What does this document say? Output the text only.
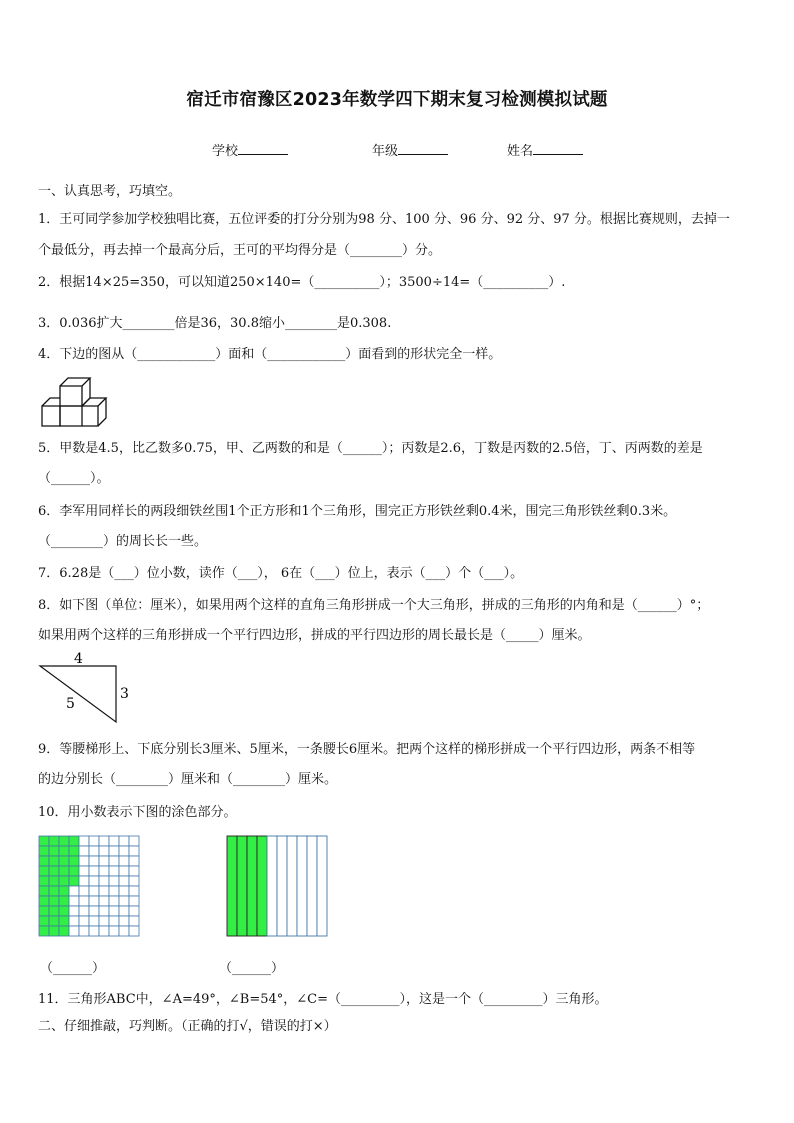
宿迁市宿豫区2023年数学四下期末复习检测模拟试题
学校	年级	姓名
一、认真思考，巧填空。
1．王可同学参加学校独唱比赛，五位评委的打分分别为98 分、100 分、96 分、92 分、97 分。根据比赛规则，去掉一
个最低分，再去掉一个最高分后，王可的平均得分是（________）分。
2．根据14×25=350，可以知道250×140=（__________）；3500÷14=（__________）.
3．0.036扩大________倍是36，30.8缩小________是0.308.
4．下边的图从（____________）面和（____________）面看到的形状完全一样。
5．甲数是4.5，比乙数多0.75，甲、乙两数的和是（______）；丙数是2.6，丁数是丙数的2.5倍，丁、丙两数的差是
（______）。
6．李军用同样长的两段细铁丝围1个正方形和1个三角形，围完正方形铁丝剩0.4米，围完三角形铁丝剩0.3米。
（________）的周长长一些。
7．6.28是（___）位小数，读作（___）， 6在（___）位上，表示（___）个（___）。
8．如下图（单位：厘米），如果用两个这样的直角三角形拼成一个大三角形，拼成的三角形的内角和是（______）°；
如果用两个这样的三角形拼成一个平行四边形，拼成的平行四边形的周长最长是（_____）厘米。
4
5
3
9．等腰梯形上、下底分别长3厘米、5厘米，一条腰长6厘米。把两个这样的梯形拼成一个平行四边形，两条不相等
的边分别长（________）厘米和（________）厘米。
10．用小数表示下图的涂色部分。
（______）	（______）
11．三角形ABC中，∠A=49°，∠B=54°，∠C=（_________），这是一个（_________）三角形。
二、仔细推敲，巧判断。（正确的打√，错误的打×）
